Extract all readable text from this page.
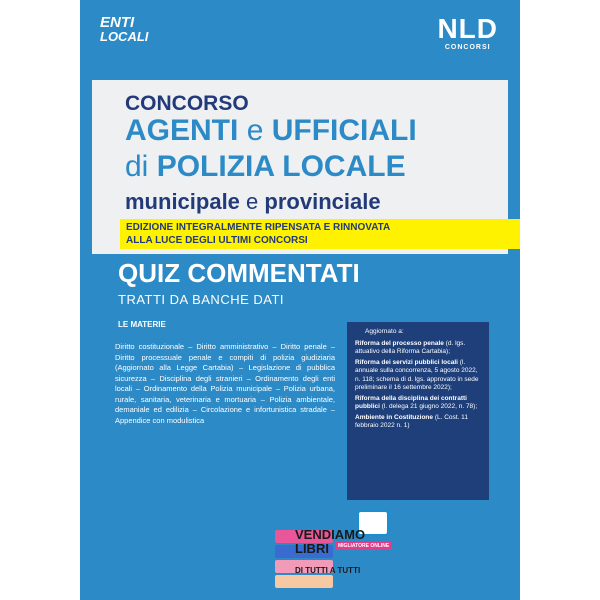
ENTI
LOCALI	NLD
CONCORSI
CONCORSO
AGENTI e UFFICIALI
di POLIZIA LOCALE
municipale e provinciale
EDIZIONE INTEGRALMENTE RIPENSATA E RINNOVATA
ALLA LUCE DEGLI ULTIMI CONCORSI
QUIZ COMMENTATI
TRATTI DA BANCHE DATI
LE MATERIE
Diritto costituzionale – Diritto amministrativo – Diritto penale – Diritto processuale penale e compiti di polizia giudiziaria (Aggiornato alla Legge Cartabia) – Legislazione di pubblica sicurezza – Disciplina degli stranieri – Ordinamento degli enti locali – Ordinamento della Polizia municipale – Polizia urbana, rurale, sanitaria, veterinaria e mortuaria – Polizia ambientale, demaniale ed edilizia – Circolazione e infortunistica stradale – Appendice con modulistica
Aggiornato a:

Riforma del processo penale (d. lgs. attuativo della Riforma Cartabia);

Riforma dei servizi pubblici locali (l. annuale sulla concorrenza, 5 agosto 2022, n. 118; schema di d. lgs. approvato in sede preliminare il 16 settembre 2022);

Riforma della disciplina dei contratti pubblici (l. delega 21 giugno 2022, n. 78);

Ambiente in Costituzione (L. Cost. 11 febbraio 2022 n. 1)

VENDIAMO
LIBRI	MIGLIATORE ONLINE
DI TUTTI A TUTTI
